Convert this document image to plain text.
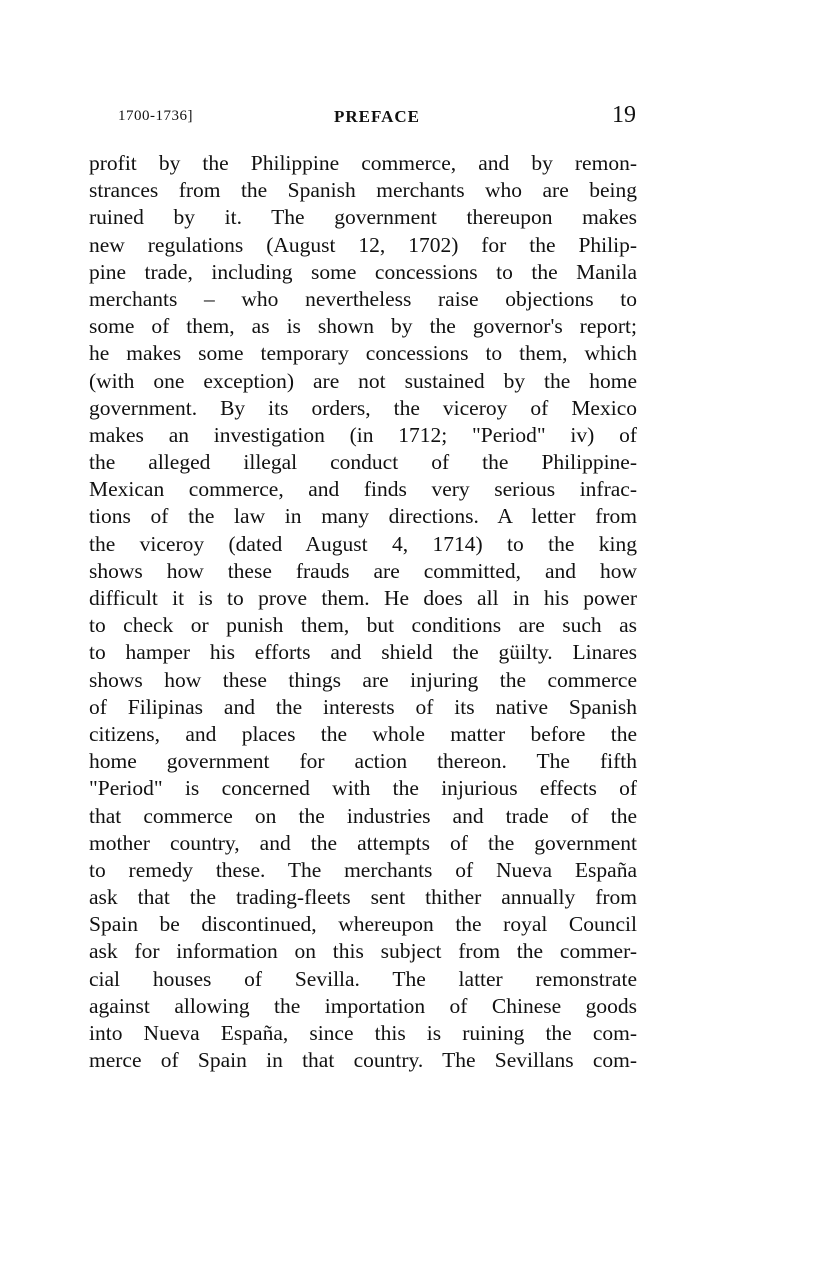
1700-1736]	PREFACE	19
profit by the Philippine commerce, and by remon-
strances from the Spanish merchants who are being
ruined by it. The government thereupon makes
new regulations (August 12, 1702) for the Philip-
pine trade, including some concessions to the Manila
merchants – who nevertheless raise objections to
some of them, as is shown by the governor's report;
he makes some temporary concessions to them, which
(with one exception) are not sustained by the home
government. By its orders, the viceroy of Mexico
makes an investigation (in 1712; "Period" iv) of
the alleged illegal conduct of the Philippine-
Mexican commerce, and finds very serious infrac-
tions of the law in many directions. A letter from
the viceroy (dated August 4, 1714) to the king
shows how these frauds are committed, and how
difficult it is to prove them. He does all in his power
to check or punish them, but conditions are such as
to hamper his efforts and shield the güilty. Linares
shows how these things are injuring the commerce
of Filipinas and the interests of its native Spanish
citizens, and places the whole matter before the
home government for action thereon. The fifth
"Period" is concerned with the injurious effects of
that commerce on the industries and trade of the
mother country, and the attempts of the government
to remedy these. The merchants of Nueva España
ask that the trading-fleets sent thither annually from
Spain be discontinued, whereupon the royal Council
ask for information on this subject from the commer-
cial houses of Sevilla. The latter remonstrate
against allowing the importation of Chinese goods
into Nueva España, since this is ruining the com-
merce of Spain in that country. The Sevillans com-
